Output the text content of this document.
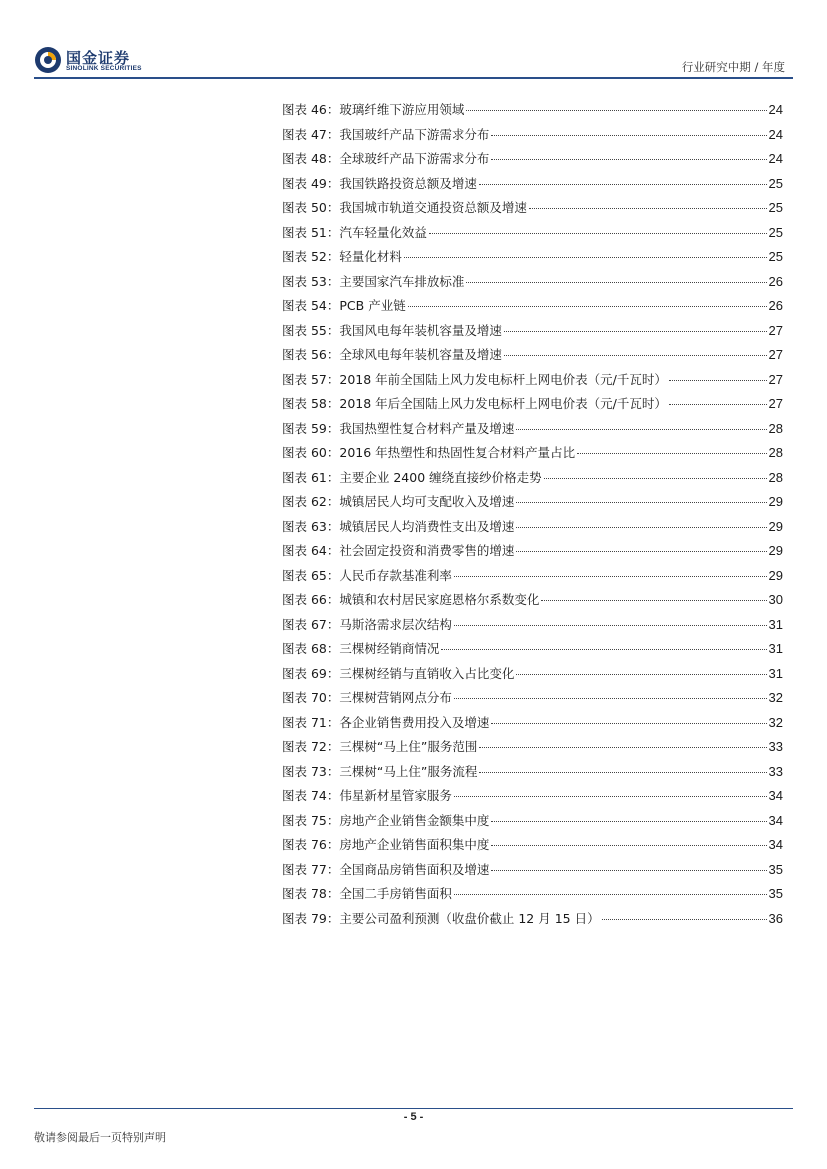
国金证券
SINOLINK SECURITIES	行业研究中期 / 年度
图表 46：玻璃纤维下游应用领域	24
图表 47：我国玻纤产品下游需求分布	24
图表 48：全球玻纤产品下游需求分布	24
图表 49：我国铁路投资总额及增速	25
图表 50：我国城市轨道交通投资总额及增速	25
图表 51：汽车轻量化效益	25
图表 52：轻量化材料	25
图表 53：主要国家汽车排放标准	26
图表 54：PCB 产业链	26
图表 55：我国风电每年装机容量及增速	27
图表 56：全球风电每年装机容量及增速	27
图表 57：2018 年前全国陆上风力发电标杆上网电价表（元/千瓦时）	27
图表 58：2018 年后全国陆上风力发电标杆上网电价表（元/千瓦时）	27
图表 59：我国热塑性复合材料产量及增速	28
图表 60：2016 年热塑性和热固性复合材料产量占比	28
图表 61：主要企业 2400 缠绕直接纱价格走势	28
图表 62：城镇居民人均可支配收入及增速	29
图表 63：城镇居民人均消费性支出及增速	29
图表 64：社会固定投资和消费零售的增速	29
图表 65：人民币存款基准利率	29
图表 66：城镇和农村居民家庭恩格尔系数变化	30
图表 67：马斯洛需求层次结构	31
图表 68：三棵树经销商情况	31
图表 69：三棵树经销与直销收入占比变化	31
图表 70：三棵树营销网点分布	32
图表 71：各企业销售费用投入及增速	32
图表 72：三棵树“马上住”服务范围	33
图表 73：三棵树“马上住”服务流程	33
图表 74：伟星新材星管家服务	34
图表 75：房地产企业销售金额集中度	34
图表 76：房地产企业销售面积集中度	34
图表 77：全国商品房销售面积及增速	35
图表 78：全国二手房销售面积	35
图表 79：主要公司盈利预测（收盘价截止 12 月 15 日）	36
- 5 -
敬请参阅最后一页特别声明
